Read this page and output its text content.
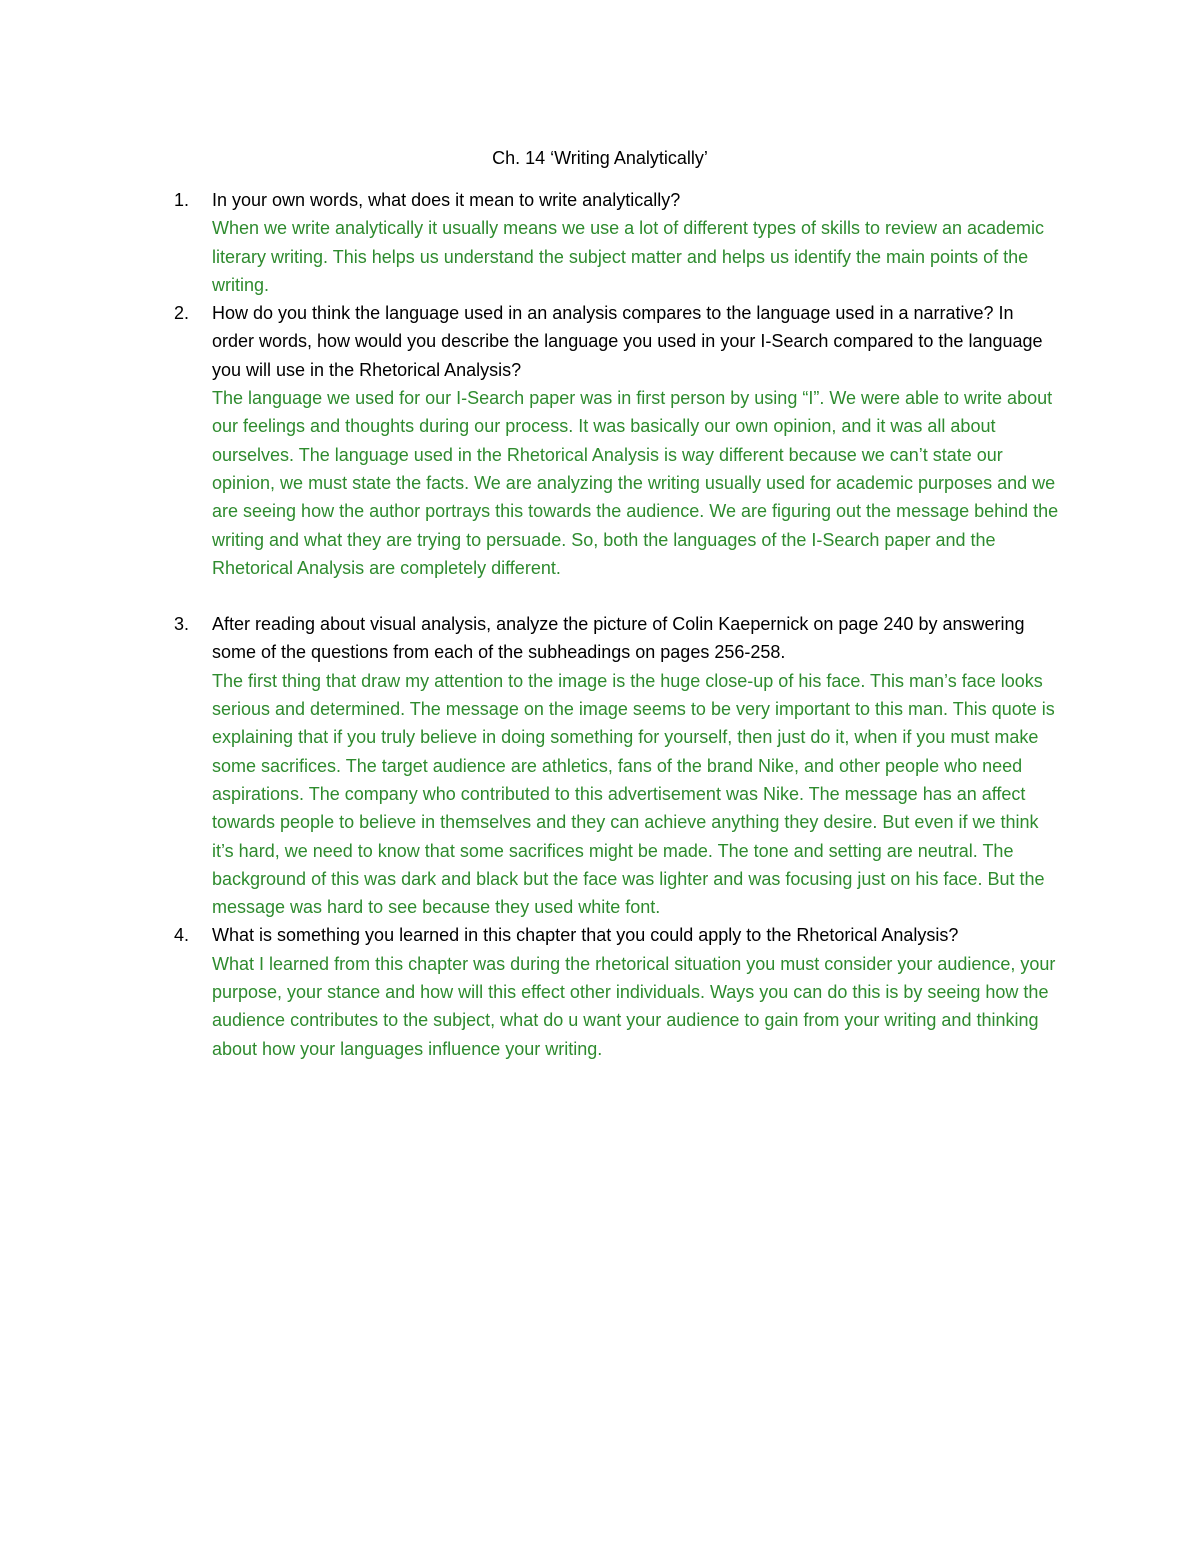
Ch. 14 ‘Writing Analytically’
1. In your own words, what does it mean to write analytically?

When we write analytically it usually means we use a lot of different types of skills to review an academic literary writing. This helps us understand the subject matter and helps us identify the main points of the writing.

2. How do you think the language used in an analysis compares to the language used in a narrative? In order words, how would you describe the language you used in your I-Search compared to the language you will use in the Rhetorical Analysis?

The language we used for our I-Search paper was in first person by using “I”. We were able to write about our feelings and thoughts during our process. It was basically our own opinion, and it was all about ourselves. The language used in the Rhetorical Analysis is way different because we can’t state our opinion, we must state the facts. We are analyzing the writing usually used for academic purposes and we are seeing how the author portrays this towards the audience. We are figuring out the message behind the writing and what they are trying to persuade. So, both the languages of the I-Search paper and the Rhetorical Analysis are completely different.

3. After reading about visual analysis, analyze the picture of Colin Kaepernick on page 240 by answering some of the questions from each of the subheadings on pages 256-258.

The first thing that draw my attention to the image is the huge close-up of his face. This man’s face looks serious and determined. The message on the image seems to be very important to this man. This quote is explaining that if you truly believe in doing something for yourself, then just do it, when if you must make some sacrifices. The target audience are athletics, fans of the brand Nike, and other people who need aspirations. The company who contributed to this advertisement was Nike. The message has an affect towards people to believe in themselves and they can achieve anything they desire. But even if we think it’s hard, we need to know that some sacrifices might be made. The tone and setting are neutral. The background of this was dark and black but the face was lighter and was focusing just on his face. But the message was hard to see because they used white font.

4. What is something you learned in this chapter that you could apply to the Rhetorical Analysis?

What I learned from this chapter was during the rhetorical situation you must consider your audience, your purpose, your stance and how will this effect other individuals. Ways you can do this is by seeing how the audience contributes to the subject, what do u want your audience to gain from your writing and thinking about how your languages influence your writing.
